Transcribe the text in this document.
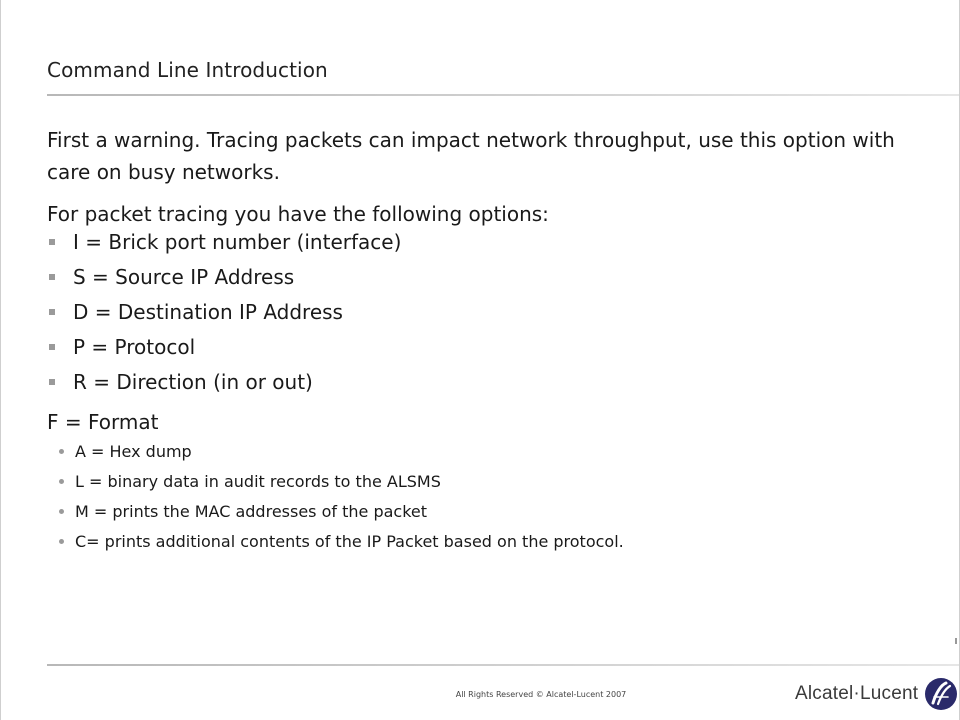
Command Line Introduction

First a warning. Tracing packets can impact network throughput, use this option with care on busy networks.

For packet tracing you have the following options:

I = Brick port number (interface)
S = Source IP Address
D = Destination IP Address
P = Protocol
R = Direction (in or out)
F = Format
A = Hex dump
L = binary data in audit records to the ALSMS
M = prints the MAC addresses of the packet
C= prints additional contents of the IP Packet based on the protocol.
All Rights Reserved © Alcatel-Lucent 2007	Alcatel·Lucent
